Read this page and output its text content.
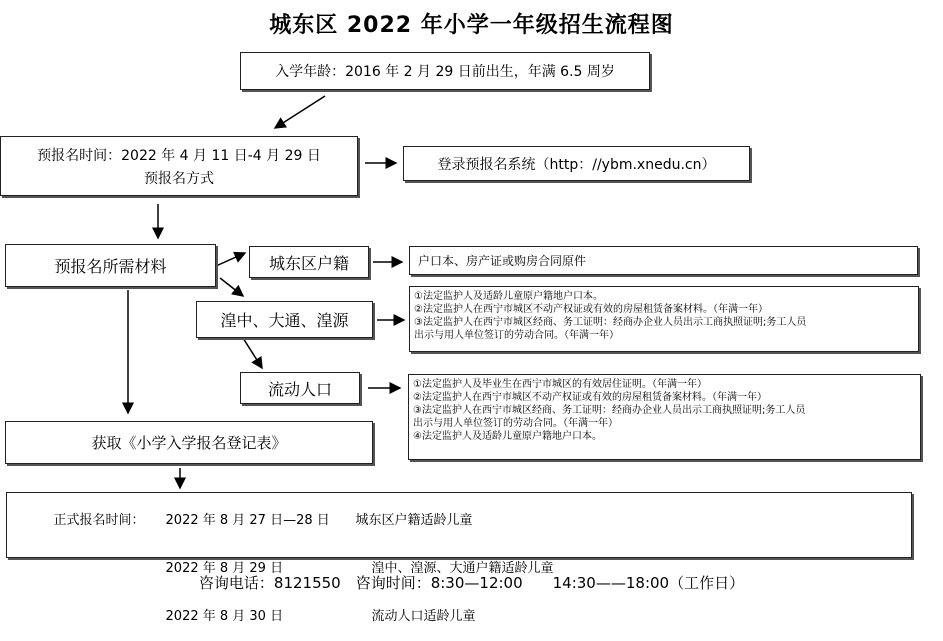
城东区 2022 年小学一年级招生流程图
入学年龄：2016 年 2 月 29 日前出生，年满 6.5 周岁
预报名时间：2022 年 4 月 11 日-4 月 29 日
预报名方式
登录预报名系统（http：//ybm.xnedu.cn）
预报名所需材料	城东区户籍	户口本、房产证或购房合同原件
湟中、大通、湟源
①法定监护人及适龄儿童原户籍地户口本。
②法定监护人在西宁市城区不动产权证或有效的房屋租赁备案材料。（年满一年）
③法定监护人在西宁市城区经商、务工证明：经商办企业人员出示工商执照证明;务工人员
出示与用人单位签订的劳动合同。（年满一年）
流动人口	①法定监护人及毕业生在西宁市城区的有效居住证明。（年满一年）
②法定监护人在西宁市城区不动产权证或有效的房屋租赁备案材料。（年满一年）
③法定监护人在西宁市城区经商、务工证明：经商办企业人员出示工商执照证明;务工人员
出示与用人单位签订的劳动合同。（年满一年）
④法定监护人及适龄儿童原户籍地户口本。
获取《小学入学报名登记表》

正式报名时间： 2022 年 8 月 27 日—28 日 城东区户籍适龄儿童

2022 年 8 月 29 日	湟中、湟源、大通户籍适龄儿童

2022 年 8 月 30 日	流动人口适龄儿童

咨询电话：8121550　咨询时间：8:30—12:00　　14:30——18:00（工作日）
